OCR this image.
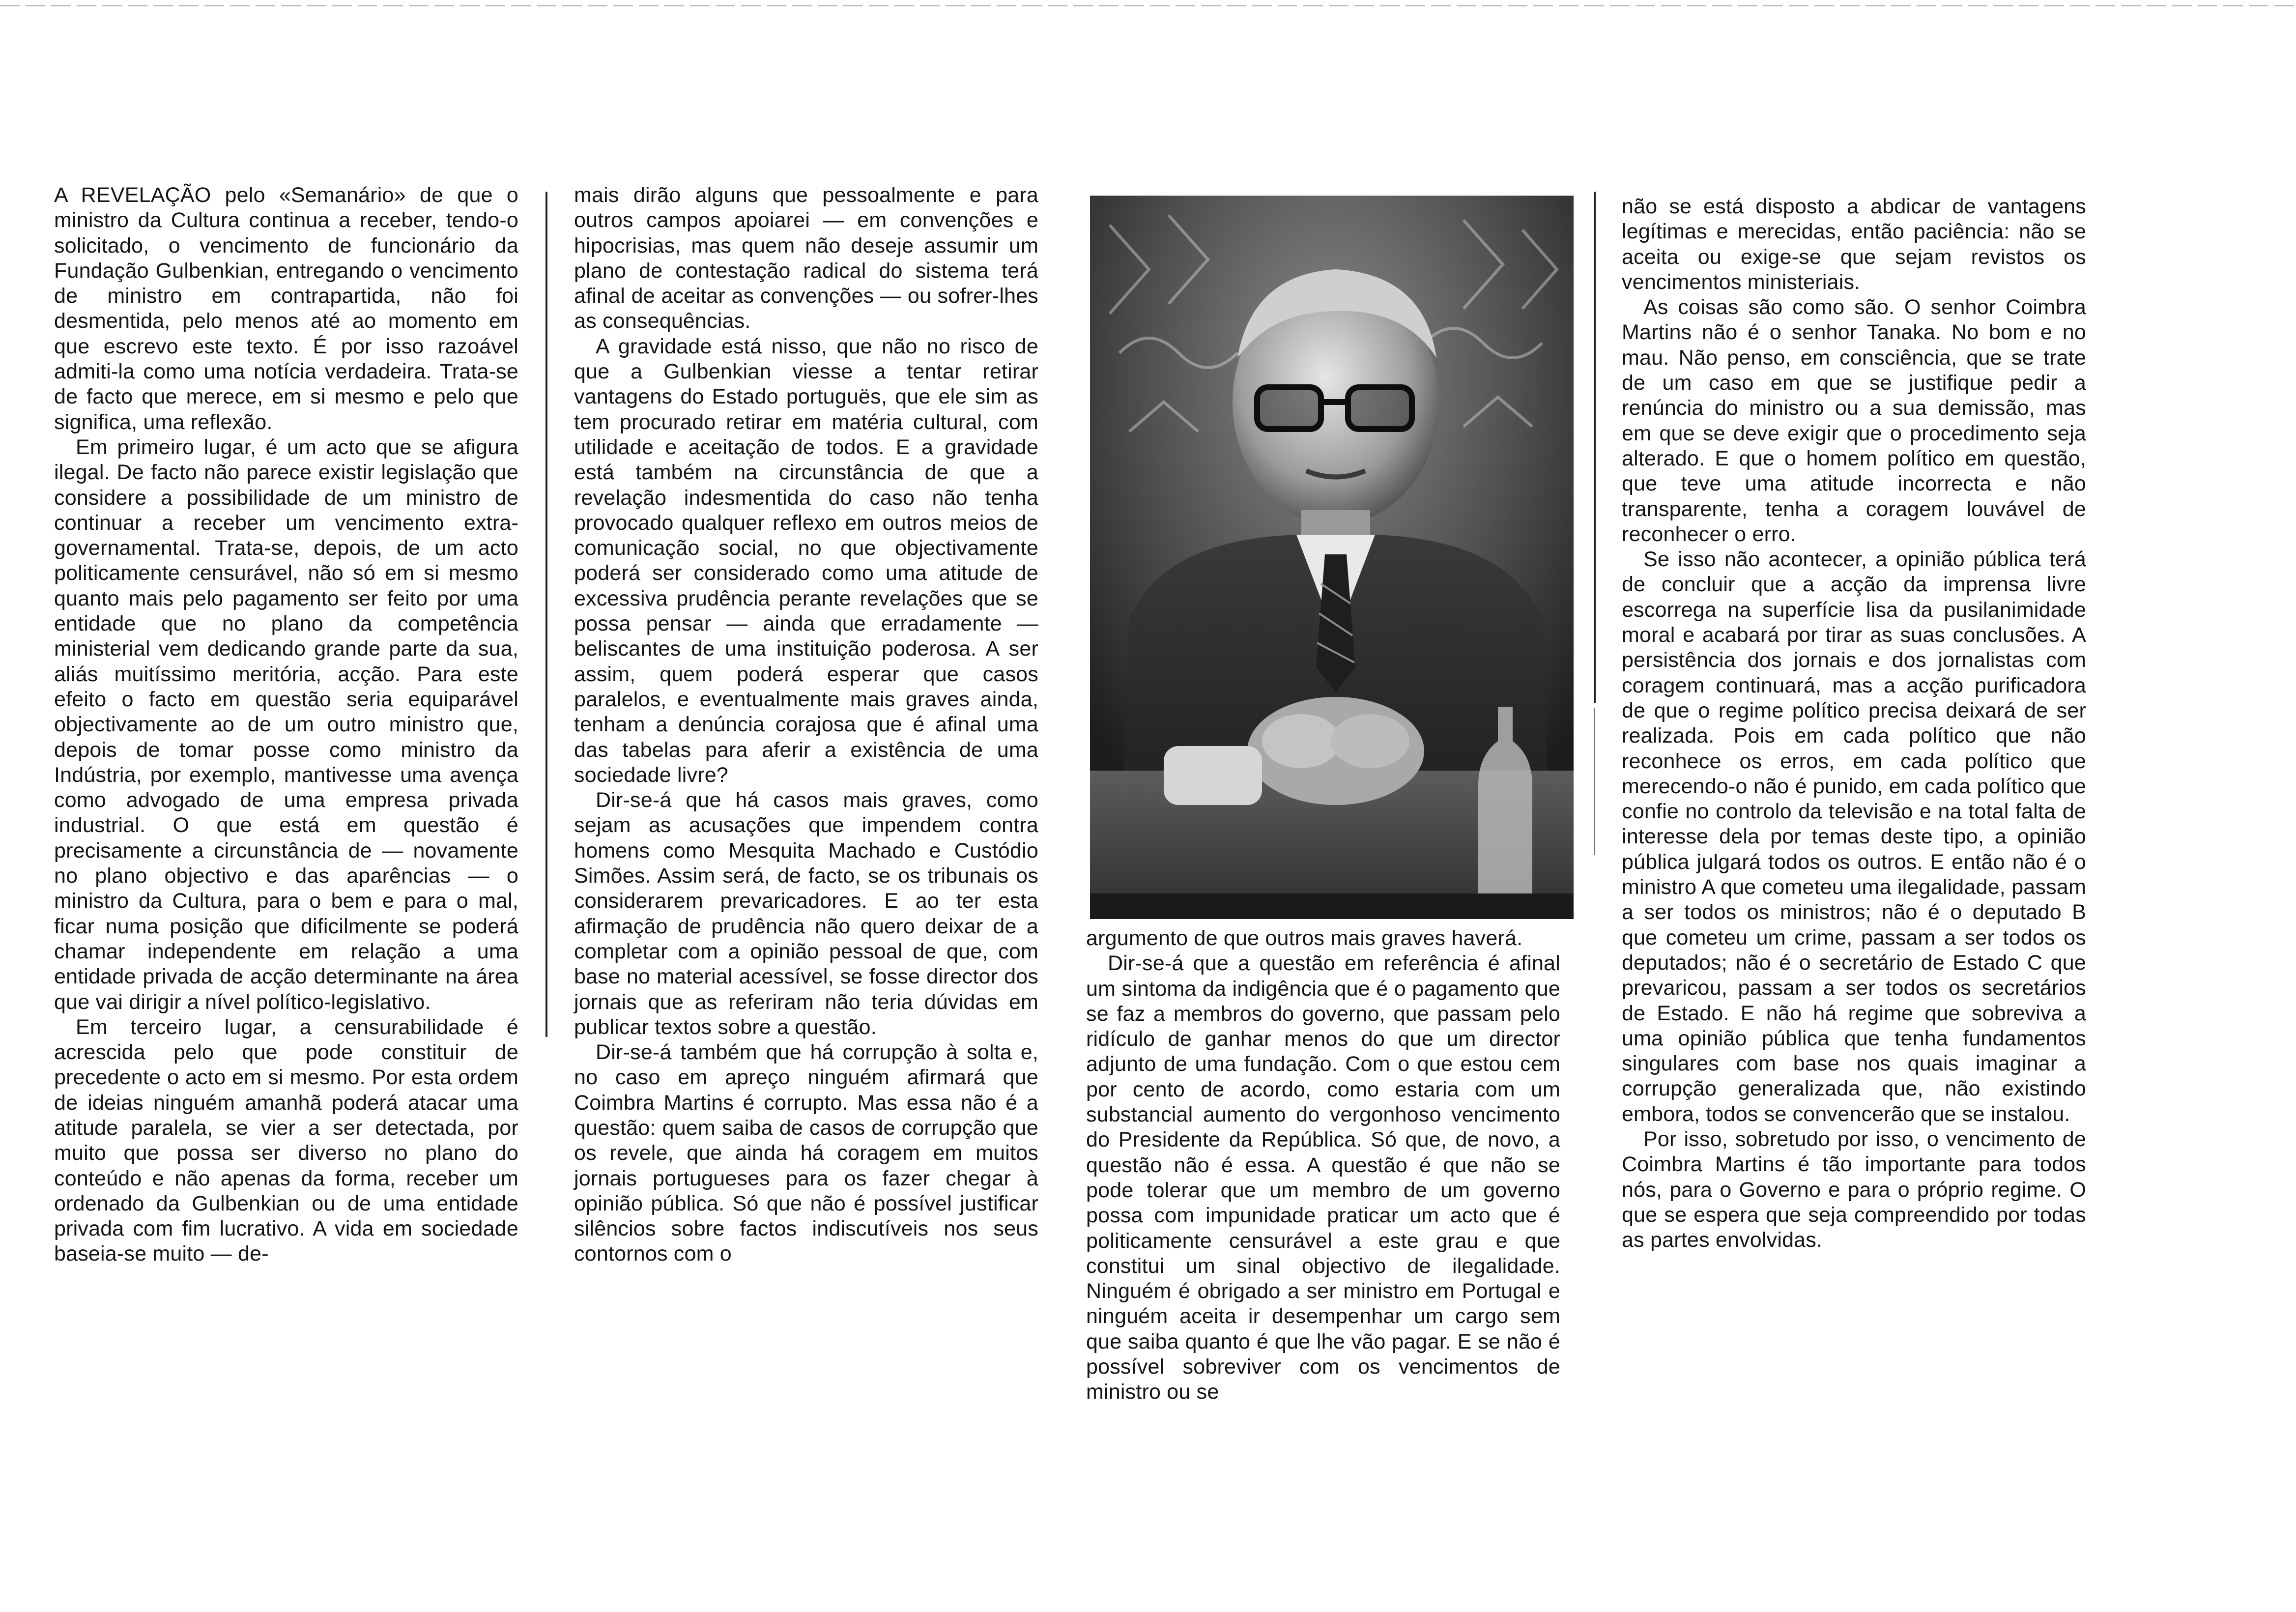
A REVELAÇÃO pelo «Semanário» de que o ministro da Cultura continua a receber, tendo-o solicitado, o vencimento de funcionário da Fundação Gulbenkian, entregando o vencimento de ministro em contrapartida, não foi desmentida, pelo menos até ao momento em que escrevo este texto. É por isso razoável admiti-la como uma notícia verdadeira. Trata-se de facto que merece, em si mesmo e pelo que significa, uma reflexão.

Em primeiro lugar, é um acto que se afigura ilegal. De facto não parece existir legislação que considere a possibilidade de um ministro de continuar a receber um vencimento extra-governamental. Trata-se, depois, de um acto politicamente censurável, não só em si mesmo quanto mais pelo pagamento ser feito por uma entidade que no plano da competência ministerial vem dedicando grande parte da sua, aliás muitíssimo meritória, acção. Para este efeito o facto em questão seria equiparável objectivamente ao de um outro ministro que, depois de tomar posse como ministro da Indústria, por exemplo, mantivesse uma avença como advogado de uma empresa privada industrial. O que está em questão é precisamente a circunstância de — novamente no plano objectivo e das aparências — o ministro da Cultura, para o bem e para o mal, ficar numa posição que dificilmente se poderá chamar independente em relação a uma entidade privada de acção determinante na área que vai dirigir a nível político-legislativo.

Em terceiro lugar, a censurabilidade é acrescida pelo que pode constituir de precedente o acto em si mesmo. Por esta ordem de ideias ninguém amanhã poderá atacar uma atitude paralela, se vier a ser detectada, por muito que possa ser diverso no plano do conteúdo e não apenas da forma, receber um ordenado da Gulbenkian ou de uma entidade privada com fim lucrativo. A vida em sociedade baseia-se muito — de-

mais dirão alguns que pessoalmente e para outros campos apoiarei — em convenções e hipocrisias, mas quem não deseje assumir um plano de contestação radical do sistema terá afinal de aceitar as convenções — ou sofrer-lhes as consequências.

A gravidade está nisso, que não no risco de que a Gulbenkian viesse a tentar retirar vantagens do Estado portuguës, que ele sim as tem procurado retirar em matéria cultural, com utilidade e aceitação de todos. E a gravidade está também na circunstância de que a revelação indesmentida do caso não tenha provocado qualquer reflexo em outros meios de comunicação social, no que objectivamente poderá ser considerado como uma atitude de excessiva prudência perante revelações que se possa pensar — ainda que erradamente — beliscantes de uma instituição poderosa. A ser assim, quem poderá esperar que casos paralelos, e eventualmente mais graves ainda, tenham a denúncia corajosa que é afinal uma das tabelas para aferir a existência de uma sociedade livre?

Dir-se-á que há casos mais graves, como sejam as acusações que impendem contra homens como Mesquita Machado e Custódio Simões. Assim será, de facto, se os tribunais os considerarem prevaricadores. E ao ter esta afirmação de prudência não quero deixar de a completar com a opinião pessoal de que, com base no material acessível, se fosse director dos jornais que as referiram não teria dúvidas em publicar textos sobre a questão.

Dir-se-á também que há corrupção à solta e, no caso em apreço ninguém afirmará que Coimbra Martins é corrupto. Mas essa não é a questão: quem saiba de casos de corrupção que os revele, que ainda há coragem em muitos jornais portugueses para os fazer chegar à opinião pública. Só que não é possível justificar silêncios sobre factos indiscutíveis nos seus contornos com o

argumento de que outros mais graves haverá.

Dir-se-á que a questão em referência é afinal um sintoma da indigência que é o pagamento que se faz a membros do governo, que passam pelo ridículo de ganhar menos do que um director adjunto de uma fundação. Com o que estou cem por cento de acordo, como estaria com um substancial aumento do vergonhoso vencimento do Presidente da República. Só que, de novo, a questão não é essa. A questão é que não se pode tolerar que um membro de um governo possa com impunidade praticar um acto que é politicamente censurável a este grau e que constitui um sinal objectivo de ilegalidade. Ninguém é obrigado a ser ministro em Portugal e ninguém aceita ir desempenhar um cargo sem que saiba quanto é que lhe vão pagar. E se não é possível sobreviver com os vencimentos de ministro ou se

não se está disposto a abdicar de vantagens legítimas e merecidas, então paciência: não se aceita ou exige-se que sejam revistos os vencimentos ministeriais.

As coisas são como são. O senhor Coimbra Martins não é o senhor Tanaka. No bom e no mau. Não penso, em consciência, que se trate de um caso em que se justifique pedir a renúncia do ministro ou a sua demissão, mas em que se deve exigir que o procedimento seja alterado. E que o homem político em questão, que teve uma atitude incorrecta e não transparente, tenha a coragem louvável de reconhecer o erro.

Se isso não acontecer, a opinião pública terá de concluir que a acção da imprensa livre escorrega na superfície lisa da pusilanimidade moral e acabará por tirar as suas conclusões. A persistência dos jornais e dos jornalistas com coragem continuará, mas a acção purificadora de que o regime político precisa deixará de ser realizada. Pois em cada político que não reconhece os erros, em cada político que merecendo-o não é punido, em cada político que confie no controlo da televisão e na total falta de interesse dela por temas deste tipo, a opinião pública julgará todos os outros. E então não é o ministro A que cometeu uma ilegalidade, passam a ser todos os ministros; não é o deputado B que cometeu um crime, passam a ser todos os deputados; não é o secretário de Estado C que prevaricou, passam a ser todos os secretários de Estado. E não há regime que sobreviva a uma opinião pública que tenha fundamentos singulares com base nos quais imaginar a corrupção generalizada que, não existindo embora, todos se convencerão que se instalou.

Por isso, sobretudo por isso, o vencimento de Coimbra Martins é tão importante para todos nós, para o Governo e para o próprio regime. O que se espera que seja compreendido por todas as partes envolvidas.
